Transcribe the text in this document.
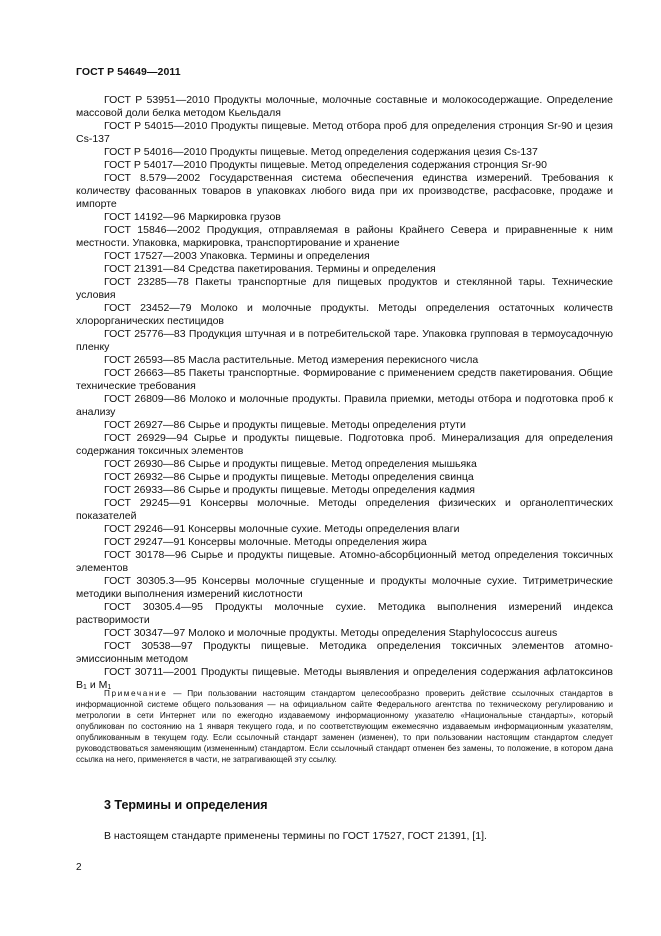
ГОСТ Р 54649—2011

ГОСТ Р 53951—2010 Продукты молочные, молочные составные и молокосодержащие. Определение массовой доли белка методом Кьельдаля

ГОСТ Р 54015—2010 Продукты пищевые. Метод отбора проб для определения стронция Sr-90 и цезия Cs-137

ГОСТ Р 54016—2010 Продукты пищевые. Метод определения содержания цезия Cs-137

ГОСТ Р 54017—2010 Продукты пищевые. Метод определения содержания стронция Sr-90

ГОСТ 8.579—2002 Государственная система обеспечения единства измерений. Требования к количеству фасованных товаров в упаковках любого вида при их производстве, расфасовке, продаже и импорте

ГОСТ 14192—96 Маркировка грузов

ГОСТ 15846—2002 Продукция, отправляемая в районы Крайнего Севера и приравненные к ним местности. Упаковка, маркировка, транспортирование и хранение

ГОСТ 17527—2003 Упаковка. Термины и определения

ГОСТ 21391—84 Средства пакетирования. Термины и определения

ГОСТ 23285—78 Пакеты транспортные для пищевых продуктов и стеклянной тары. Технические условия

ГОСТ 23452—79 Молоко и молочные продукты. Методы определения остаточных количеств хлорорганических пестицидов

ГОСТ 25776—83 Продукция штучная и в потребительской таре. Упаковка групповая в термоусадочную пленку

ГОСТ 26593—85 Масла растительные. Метод измерения перекисного числа

ГОСТ 26663—85 Пакеты транспортные. Формирование с применением средств пакетирования. Общие технические требования

ГОСТ 26809—86 Молоко и молочные продукты. Правила приемки, методы отбора и подготовка проб к анализу

ГОСТ 26927—86 Сырье и продукты пищевые. Методы определения ртути

ГОСТ 26929—94 Сырье и продукты пищевые. Подготовка проб. Минерализация для определения содержания токсичных элементов

ГОСТ 26930—86 Сырье и продукты пищевые. Метод определения мышьяка

ГОСТ 26932—86 Сырье и продукты пищевые. Методы определения свинца

ГОСТ 26933—86 Сырье и продукты пищевые. Методы определения кадмия

ГОСТ 29245—91 Консервы молочные. Методы определения физических и органолептических показателей

ГОСТ 29246—91 Консервы молочные сухие. Методы определения влаги

ГОСТ 29247—91 Консервы молочные. Методы определения жира

ГОСТ 30178—96 Сырье и продукты пищевые. Атомно-абсорбционный метод определения токсичных элементов

ГОСТ 30305.3—95 Консервы молочные сгущенные и продукты молочные сухие. Титриметрические методики выполнения измерений кислотности

ГОСТ 30305.4—95 Продукты молочные сухие. Методика выполнения измерений индекса растворимости

ГОСТ 30347—97 Молоко и молочные продукты. Методы определения Staphylococcus aureus

ГОСТ 30538—97 Продукты пищевые. Методика определения токсичных элементов атомно-эмиссионным методом

ГОСТ 30711—2001 Продукты пищевые. Методы выявления и определения содержания афлатоксинов $B_1$ и $M_1$

Примечание — При пользовании настоящим стандартом целесообразно проверить действие ссылочных стандартов в информационной системе общего пользования — на официальном сайте Федерального агентства по техническому регулированию и метрологии в сети Интернет или по ежегодно издаваемому информационному указателю «Национальные стандарты», который опубликован по состоянию на 1 января текущего года, и по соответствующим ежемесячно издаваемым информационным указателям, опубликованным в текущем году. Если ссылочный стандарт заменен (изменен), то при пользовании настоящим стандартом следует руководствоваться заменяющим (измененным) стандартом. Если ссылочный стандарт отменен без замены, то положение, в котором дана ссылка на него, применяется в части, не затрагивающей эту ссылку.

3 Термины и определения
В настоящем стандарте применены термины по ГОСТ 17527, ГОСТ 21391, [1].
2
